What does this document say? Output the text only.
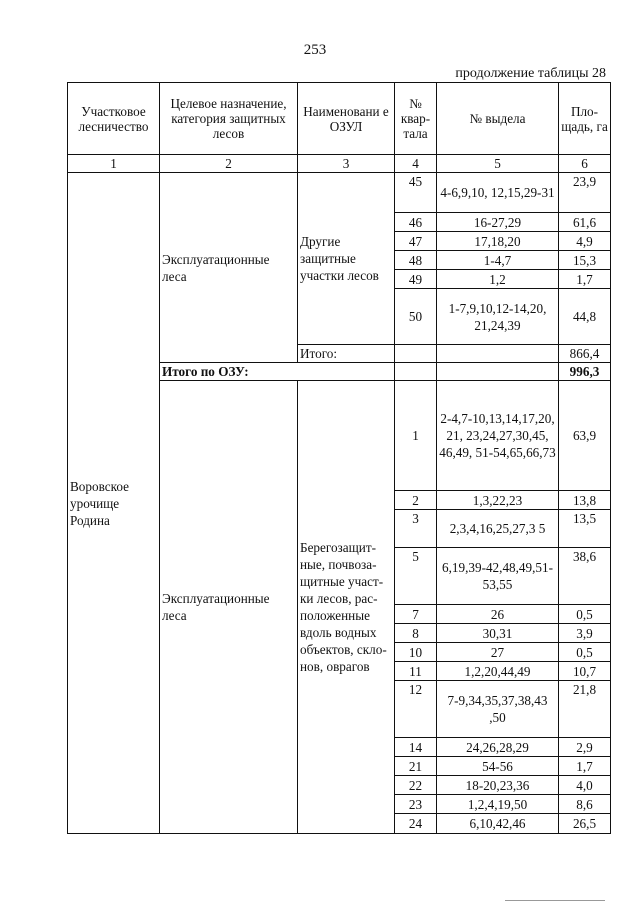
253
продолжение таблицы 28
Участковое лесничество	Целевое назначение, категория защитных лесов	Наименовани е ОЗУЛ	№ квар-тала	№ выдела	Пло-щадь, га
1	2	3	4	5	6
Воровское урочище Родина	Эксплуатационные леса	Другие защитные участки лесов	45	4-6,9,10, 12,15,29-31	23,9
			46	16-27,29	61,6
			47	17,18,20	4,9
			48	1-4,7	15,3
			49	1,2	1,7
			50	1-7,9,10,12-14,20, 21,24,39	44,8
		Итого:			866,4
	Итого по ОЗУ:				996,3
	Эксплуатационные леса	Берегозащит-ные, почвоза-щитные участ-ки лесов, рас-положенные вдоль водных объектов, скло-нов, оврагов	1	2-4,7-10,13,14,17,20, 21, 23,24,27,30,45, 46,49, 51-54,65,66,73	63,9
			2	1,3,22,23	13,8
			3	2,3,4,16,25,27,3 5	13,5
			5	6,19,39-42,48,49,51-53,55	38,6
			7	26	0,5
			8	30,31	3,9
			10	27	0,5
			11	1,2,20,44,49	10,7
			12	7-9,34,35,37,38,43 ,50	21,8
			14	24,26,28,29	2,9
			21	54-56	1,7
			22	18-20,23,36	4,0
			23	1,2,4,19,50	8,6
			24	6,10,42,46	26,5
